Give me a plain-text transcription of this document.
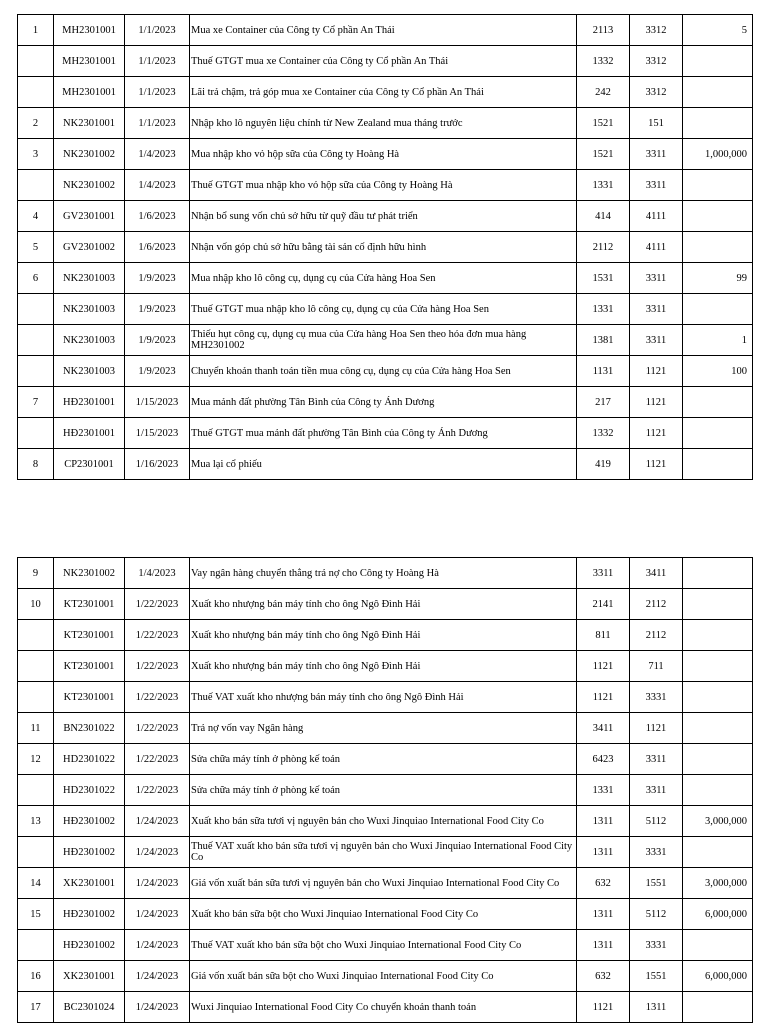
1	MH2301001	1/1/2023	Mua xe Container của Công ty Cổ phần An Thái	2113	3312	5
	MH2301001	1/1/2023	Thuế GTGT mua xe Container của Công ty Cổ phần An Thái	1332	3312	
	MH2301001	1/1/2023	Lãi trả chậm, trả góp mua xe Container của Công ty Cổ phần An Thái	242	3312	
2	NK2301001	1/1/2023	Nhập kho lô nguyên liệu chính từ New Zealand mua tháng trước	1521	151	
3	NK2301002	1/4/2023	Mua nhập kho vỏ hộp sữa của Công ty Hoàng Hà	1521	3311	1,000,000
	NK2301002	1/4/2023	Thuế GTGT mua nhập kho vỏ hộp sữa của Công ty Hoàng Hà	1331	3311	
4	GV2301001	1/6/2023	Nhận bổ sung vốn chủ sở hữu từ quỹ đầu tư phát triển	414	4111	
5	GV2301002	1/6/2023	Nhận vốn góp chủ sở hữu bằng tài sản cố định hữu hình	2112	4111	
6	NK2301003	1/9/2023	Mua nhập kho lô công cụ, dụng cụ của Cửa hàng Hoa Sen	1531	3311	99
	NK2301003	1/9/2023	Thuế GTGT mua nhập kho lô công cụ, dụng cụ của Cửa hàng Hoa Sen	1331	3311	
	NK2301003	1/9/2023	Thiếu hụt công cụ, dụng cụ mua của Cửa hàng Hoa Sen theo hóa đơn mua hàng MH2301002	1381	3311	1
	NK2301003	1/9/2023	Chuyển khoản thanh toán tiền mua công cụ, dụng cụ của Cửa hàng Hoa Sen	1131	1121	100
7	HĐ2301001	1/15/2023	Mua mảnh đất phường Tân Bình của Công ty Ánh Dương	217	1121	
	HĐ2301001	1/15/2023	Thuế GTGT mua mảnh đất phường Tân Bình của Công ty Ánh Dương	1332	1121	
8	CP2301001	1/16/2023	Mua lại cổ phiếu	419	1121	
9	NK2301002	1/4/2023	Vay ngân hàng chuyển thẳng trả nợ cho Công ty Hoàng Hà	3311	3411	
10	KT2301001	1/22/2023	Xuất kho nhượng bán máy tính cho ông Ngô Đình Hải	2141	2112	
	KT2301001	1/22/2023	Xuất kho nhượng bán máy tính cho ông Ngô Đình Hải	811	2112	
	KT2301001	1/22/2023	Xuất kho nhượng bán máy tính cho ông Ngô Đình Hải	1121	711	
	KT2301001	1/22/2023	Thuế VAT xuất kho nhượng bán máy tính cho ông Ngô Đình Hải	1121	3331	
11	BN2301022	1/22/2023	Trả nợ vốn vay Ngân hàng	3411	1121	
12	HD2301022	1/22/2023	Sửa chữa máy tính ở phòng kế toán	6423	3311	
	HD2301022	1/22/2023	Sửa chữa máy tính ở phòng kế toán	1331	3311	
13	HĐ2301002	1/24/2023	Xuất kho bán sữa tươi vị nguyên bản cho Wuxi Jinquiao International Food City Co	1311	5112	3,000,000
	HĐ2301002	1/24/2023	Thuế VAT xuất kho bán sữa tươi vị nguyên bản cho Wuxi Jinquiao International Food City Co	1311	3331	
14	XK2301001	1/24/2023	Giá vốn xuất bán sữa tươi vị nguyên bản cho Wuxi Jinquiao International Food City Co	632	1551	3,000,000
15	HĐ2301002	1/24/2023	Xuất kho bán sữa bột cho Wuxi Jinquiao International Food City Co	1311	5112	6,000,000
	HĐ2301002	1/24/2023	Thuế VAT xuất kho bán sữa bột cho Wuxi Jinquiao International Food City Co	1311	3331	
16	XK2301001	1/24/2023	Giá vốn xuất bán sữa bột cho Wuxi Jinquiao International Food City Co	632	1551	6,000,000
17	BC2301024	1/24/2023	Wuxi Jinquiao International Food City Co chuyển khoản thanh toán	1121	1311	
